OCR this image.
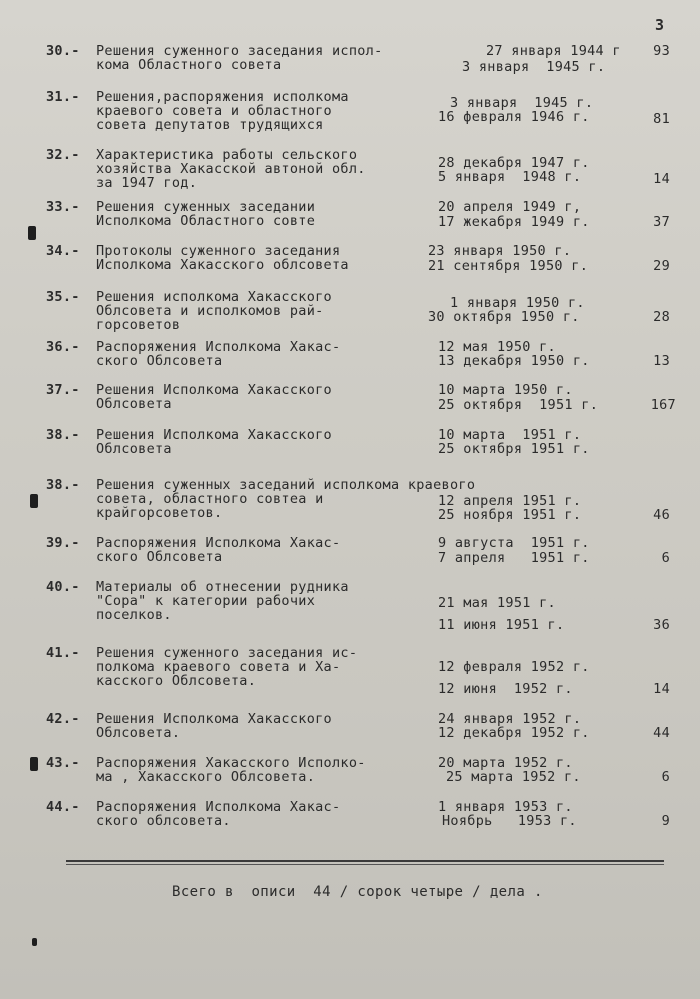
3
30.- Решения суженного заседания испол-
кома Областного совета
27 января 1944 г
3 января  1945 г.
93
31.- Решения,распоряжения исполкома
краевого совета и областного
совета депутатов трудящихся
3 января  1945 г.
16 февраля 1946 г.	81
32.- Характеристика работы сельского
хозяйства Хакасской автоной обл.
за 1947 год.
28 декабря 1947 г.
5 января  1948 г.	14
33.- Решения суженных заседании
Исполкома Областного совте
20 апреля 1949 г,
17 жекабря 1949 г.	37
34.- Протоколы суженного заседания
Исполкома Хакасского облсовета
23 января 1950 г.
21 сентября 1950 г.	29
35.- Решения исполкома Хакасского
Облсовета и исполкомов рай-
горсоветов
1 января 1950 г.
30 октября 1950 г.	28
36.- Распоряжения Исполкома Хакас-
ского Облсовета
12 мая 1950 г.
13 декабря 1950 г.	13
37.- Решения Исполкома Хакасского
Облсовета
10 марта 1950 г.
25 октября  1951 г.	167
38.- Решения Исполкома Хакасского
Облсовета
10 марта  1951 г.
25 октября 1951 г.
38.- Решения суженных заседаний исполкома краевого
совета, областного совтеа и
крайгорсоветов.
12 апреля 1951 г.
25 ноября 1951 г.	46
39.- Распоряжения Исполкома Хакас-
ского Облсовета
9 августа  1951 г.
7 апреля   1951 г.	6
40.- Материалы об отнесении рудника
"Сора" к категории рабочих
поселков.
21 мая 1951 г.
11 июня 1951 г.	36
41.- Решения суженного заседания ис-
полкома краевого совета и Ха-
касского Облсовета.
12 февраля 1952 г.
12 июня  1952 г.	14
42.- Решения Исполкома Хакасского
Облсовета.
24 января 1952 г.
12 декабря 1952 г.	44
43.- Распоряжения Хакасского Исполко-
ма , Хакасского Облсовета.
20 марта 1952 г.
25 марта 1952 г.	6
44.- Распоряжения Исполкома Хакас-
ского облсовета.
1 января 1953 г.
Ноябрь   1953 г.	9
Всего в  описи  44 / сорок четыре / дела .
